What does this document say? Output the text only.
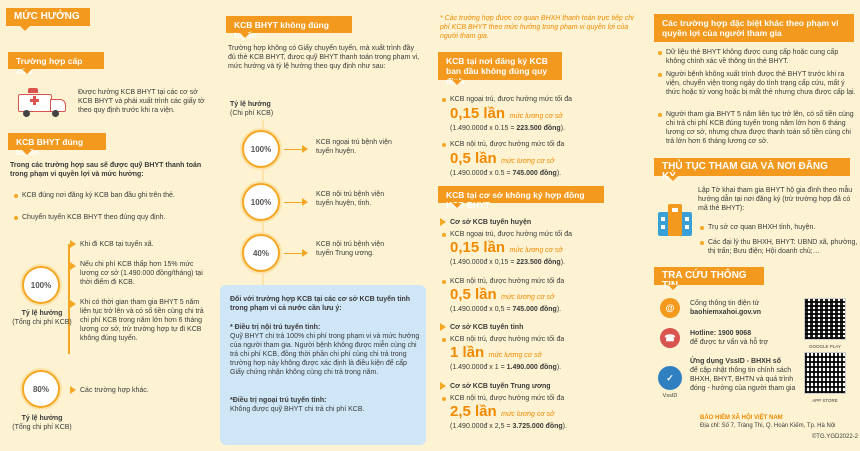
MỨC HƯỞNG
Trường hợp cấp cứu
Được hưởng KCB BHYT tại các cơ sở KCB BHYT và phải xuất trình các giấy tờ theo quy định trước khi ra viện.
KCB BHYT đúng tuyến
Trong các trường hợp sau sẽ được quỹ BHYT thanh toán trong phạm vi quyền lợi và mức hưởng:
KCB đúng nơi đăng ký KCB ban đầu ghi trên thẻ.
Chuyển tuyến KCB BHYT theo đúng quy định.
100%
Tỷ lệ hưởng
(Tổng chi phí KCB)
Khi đi KCB tại tuyến xã.
Nếu chi phí KCB thấp hơn 15% mức lương cơ sở (1.490.000 đồng/tháng) tại thời điểm đi KCB.
Khi có thời gian tham gia BHYT 5 năm liên tục trở lên và có số tiền cùng chi trả chi phí KCB trong năm lớn hơn 6 tháng lương cơ sở, trừ trường hợp tự đi KCB không đúng tuyến.
80%	Các trường hợp khác.
Tỷ lệ hưởng
(Tổng chi phí KCB)
KCB BHYT không đúng tuyến
Trường hợp không có Giấy chuyển tuyến, mà xuất trình đầy đủ thẻ KCB BHYT, được quỹ BHYT thanh toán trong phạm vi, mức hưởng và tỷ lệ hưởng theo quy định như sau:
Tỷ lệ hưởng
(Chi phí KCB)
100%
KCB ngoại trú bệnh viện tuyến huyện.
100%
KCB nội trú bệnh viện tuyến huyện, tỉnh.
40%
KCB nội trú bệnh viện tuyến Trung ương.
Đối với trường hợp KCB tại các cơ sở KCB tuyến tỉnh trong phạm vi cả nước cần lưu ý:
* Điều trị nội trú tuyến tỉnh:
Quỹ BHYT chi trả 100% chi phí trong phạm vi và mức hưởng của người tham gia. Người bệnh không được miễn cùng chi trả chi phí KCB, đồng thời phần chi phí cùng chi trả trong trường hợp này không được xác định là điều kiện để cấp Giấy chứng nhận không cùng chi trả trong năm.
*Điều trị ngoại trú tuyến tỉnh:
Không được quỹ BHYT chi trả chi phí KCB.
* Các trường hợp được cơ quan BHXH thanh toán trực tiếp chi phí KCB BHYT theo mức hưởng trong phạm vi quyền lợi của người tham gia.
KCB tại nơi đăng ký KCB ban đầu không đúng quy định
KCB ngoại trú, được hưởng mức tối đa
0,15 lần mức lương cơ sở
(1.490.000đ x 0.15 = 223.500 đồng).
KCB nội trú, được hưởng mức tối đa
0,5 lần mức lương cơ sở
(1.490.000đ x 0.5 = 745.000 đồng).
KCB tại cơ sở không ký hợp đồng KCB BHYT
Cơ sở KCB tuyến huyện
KCB ngoại trú, được hưởng mức tối đa
0,15 lần mức lương cơ sở
(1.490.000đ x 0,15 = 223.500 đồng).
KCB nội trú, được hưởng mức tối đa
0,5 lần mức lương cơ sở
(1.490.000đ x 0,5 = 745.000 đồng).
Cơ sở KCB tuyến tỉnh
KCB nội trú, được hưởng mức tối đa
1 lần mức lương cơ sở
(1.490.000đ x 1 = 1.490.000 đồng).
Cơ sở KCB tuyến Trung ương
KCB nội trú, được hưởng mức tối đa
2,5 lần mức lương cơ sở
(1.490.000đ x 2,5 = 3.725.000 đồng).
Các trường hợp đặc biệt khác theo phạm vi quyền lợi của người tham gia
Dữ liệu thẻ BHYT không được cung cấp hoặc cung cấp không chính xác về thông tin thẻ BHYT.
Người bệnh không xuất trình được thẻ BHYT trước khi ra viện, chuyển viện trong ngày do tình trạng cấp cứu, mất ý thức hoặc tử vong hoặc bị mất thẻ nhưng chưa được cấp lại.
Người tham gia BHYT 5 năm liên tục trở lên, có số tiền cùng chi trả chi phí KCB đúng tuyến trong năm lớn hơn 6 tháng lương cơ sở, nhưng chưa được thanh toán số tiền cùng chi trả lớn hơn 6 tháng lương cơ sở.
THỦ TỤC THAM GIA VÀ NƠI ĐĂNG KÝ
Lập Tờ khai tham gia BHYT hộ gia đình theo mẫu hướng dẫn tại nơi đăng ký (trừ trường hợp đã có mã thẻ BHYT):
Trụ sở cơ quan BHXH tỉnh, huyện.
Các đại lý thu BHXH, BHYT: UBND xã, phường, thị trấn; Bưu điện; Hội doanh chủ;…
TRA CỨU THÔNG TIN
@	Cổng thông tin điện tử
baohiemxahoi.gov.vn
☎	Hotline: 1900 9068
để được tư vấn và hỗ trợ
✓
VssID
Ứng dụng VssID - BHXH số
để cập nhật thông tin chính sách BHXH, BHYT, BHTN và quá trình đóng - hưởng của người tham gia
GOOGLE PLAY
APP STORE
BẢO HIỂM XÃ HỘI VIỆT NAM
Địa chỉ: Số 7, Tràng Thi, Q. Hoàn Kiếm, Tp. Hà Nội
©TG.YGD2022-2
